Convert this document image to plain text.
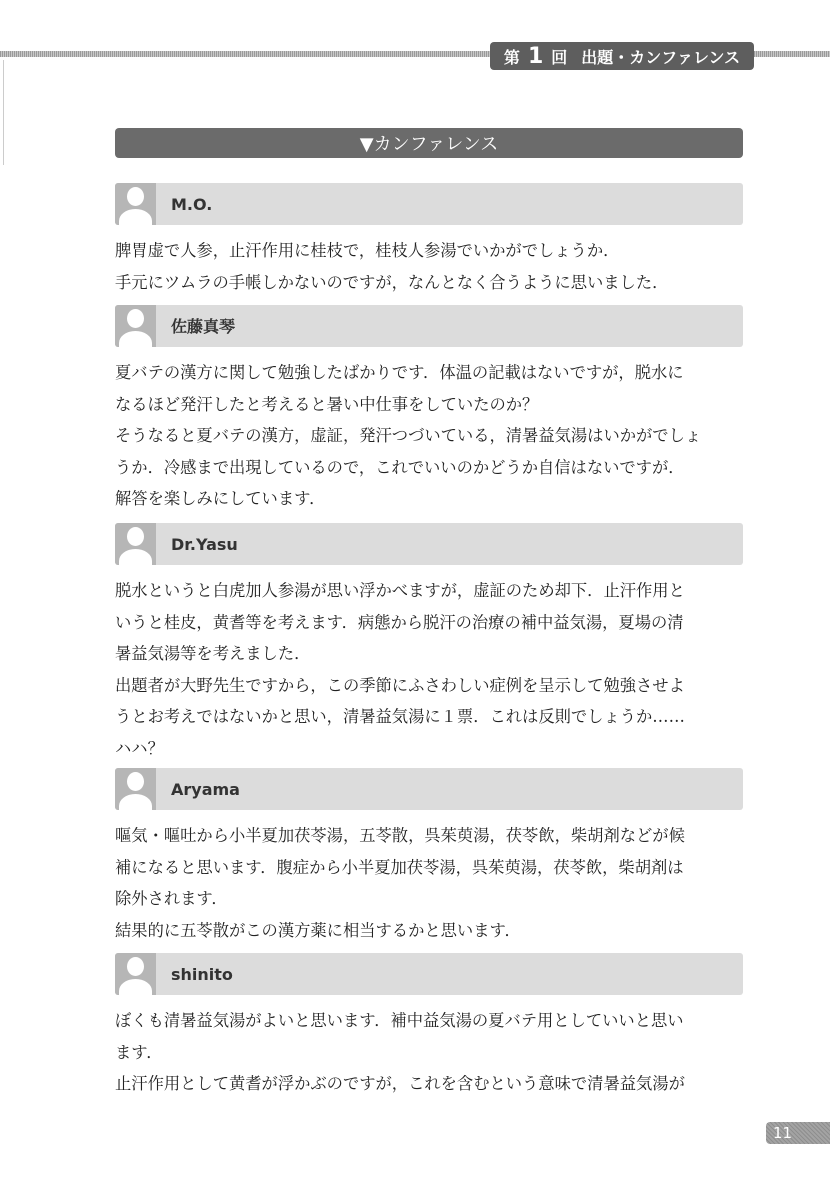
第 1 回 出題・カンファレンス
▼カンファレンス
M.O.
脾胃虚で人参，止汗作用に桂枝で，桂枝人参湯でいかがでしょうか．
手元にツムラの手帳しかないのですが，なんとなく合うように思いました．
佐藤真琴
夏バテの漢方に関して勉強したばかりです．体温の記載はないですが，脱水に
なるほど発汗したと考えると暑い中仕事をしていたのか？
そうなると夏バテの漢方，虚証，発汗つづいている，清暑益気湯はいかがでしょ
うか．冷感まで出現しているので，これでいいのかどうか自信はないですが．
解答を楽しみにしています．
Dr.Yasu
脱水というと白虎加人参湯が思い浮かべますが，虚証のため却下．止汗作用と
いうと桂皮，黄耆等を考えます．病態から脱汗の治療の補中益気湯，夏場の清
暑益気湯等を考えました．
出題者が大野先生ですから，この季節にふさわしい症例を呈示して勉強させよ
うとお考えではないかと思い，清暑益気湯に１票．これは反則でしょうか……
ハハ？
Aryama
嘔気・嘔吐から小半夏加茯苓湯，五苓散，呉茱萸湯，茯苓飲，柴胡剤などが候
補になると思います．腹症から小半夏加茯苓湯，呉茱萸湯，茯苓飲，柴胡剤は
除外されます．
結果的に五苓散がこの漢方薬に相当するかと思います．
shinito
ぼくも清暑益気湯がよいと思います．補中益気湯の夏バテ用としていいと思い
ます．
止汗作用として黄耆が浮かぶのですが，これを含むという意味で清暑益気湯が
11
